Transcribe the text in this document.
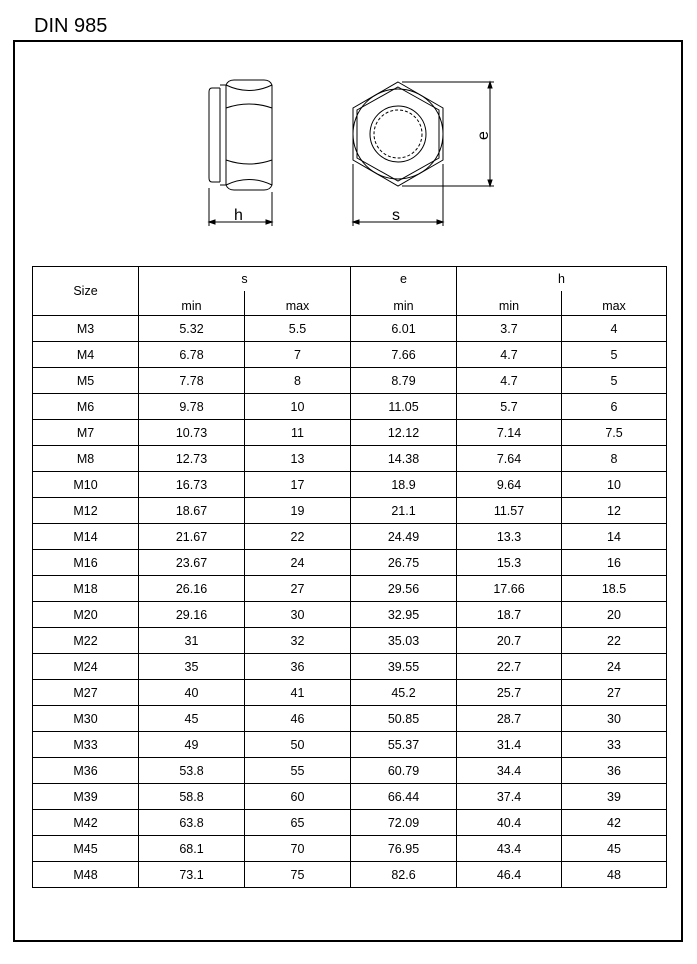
DIN 985
h	s
e
Size	s		e	h	
	min	max	min	min	max
M3	5.32	5.5	6.01	3.7	4
M4	6.78	7	7.66	4.7	5
M5	7.78	8	8.79	4.7	5
M6	9.78	10	11.05	5.7	6
M7	10.73	11	12.12	7.14	7.5
M8	12.73	13	14.38	7.64	8
M10	16.73	17	18.9	9.64	10
M12	18.67	19	21.1	11.57	12
M14	21.67	22	24.49	13.3	14
M16	23.67	24	26.75	15.3	16
M18	26.16	27	29.56	17.66	18.5
M20	29.16	30	32.95	18.7	20
M22	31	32	35.03	20.7	22
M24	35	36	39.55	22.7	24
M27	40	41	45.2	25.7	27
M30	45	46	50.85	28.7	30
M33	49	50	55.37	31.4	33
M36	53.8	55	60.79	34.4	36
M39	58.8	60	66.44	37.4	39
M42	63.8	65	72.09	40.4	42
M45	68.1	70	76.95	43.4	45
M48	73.1	75	82.6	46.4	48
